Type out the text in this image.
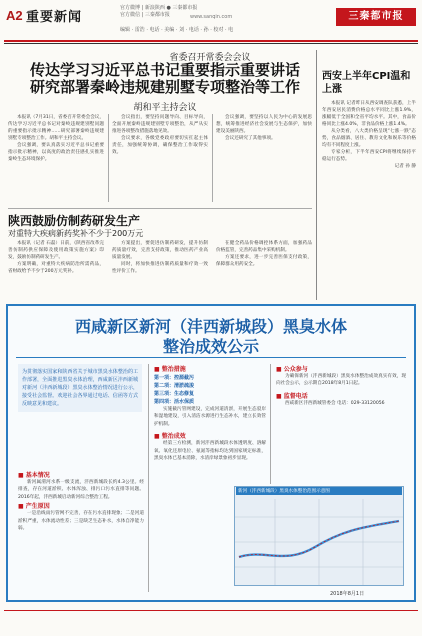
A2 重要新闻
官方微博 | 新浪陕西 ● 三秦都市报
官方微信 | 三秦都市报	www.sanqin.com	三秦都市报
编辑 · 雷浩 · 电话 · 美编 · 刘 · 电话 · 孙 · 校对 · 电
省委召开常委会会议
传达学习习近平总书记重要指示重要讲话
研究部署秦岭违规建别墅专项整治等工作
胡和平主持会议

本报讯（7月31日，省委召开常委会会议，传达学习习近平总书记对秦岭违规建别墅问题的重要指示批示精神……研究部署秦岭违规建别墅专项整治工作。胡和平主持会议。

会议强调，要认真落实习近平总书记重要指示批示精神，以高度的政治责任感扎实推进秦岭生态环境保护。

会议指出，要坚持问题导向、目标导向，全面开展秦岭违规建别墅专项整治，从严从实推进各项整改措施落地见效。

会议要求，各级党委政府要切实扛起主体责任，加强统筹协调，确保整治工作取得实效。

会议强调，要坚持以人民为中心的发展思想，统筹推进经济社会发展与生态保护，加快建设美丽陕西。

会议还研究了其他事项。

西安上半年CPI温和上涨

本报讯 记者昨日从西安调查队获悉，上半年西安居民消费价格总水平同比上涨1.9%，涨幅低于全国和全省平均水平。其中，食品价格同比上涨4.0%，非食品价格上涨1.4%。

从分类看，八大类价格呈现“七涨一跌”态势，食品烟酒、居住、教育文化和娱乐等价格均有不同程度上涨。

专家分析，下半年西安CPI将继续保持平稳运行态势。

记者 孙 静

陕西鼓励仿制药研发生产
对重特大疾病新药奖补不少于200万元

本报讯（记者 石磊）日前，《陕西省改革完善仿制药供应保障及使用政策实施方案》印发，鼓励仿制药研发生产。

方案明确，对重特大疾病防治所需药品，省财政给予不少于200万元奖补。

方案提出，要促进仿制药研发，提升仿制药质量疗效，完善支持政策，推动医药产业高质量发展。

同时，将加快推进仿制药质量和疗效一致性评价工作。

在健全药品价格调控体系方面，加强药品价格监管，完善药品集中采购机制。

方案还要求，进一步完善医保支付政策，保障群众用药安全。

西咸新区新河（沣西新城段）黑臭水体
整治成效公示
为贯彻落实国家和陕西省关于城市黑臭水体整治的工作部署，全面推进黑臭水体治理，西咸新区沣西新城对新河（沣西新城段）黑臭水体整治情况进行公示，接受社会监督。欢迎社会各界通过电话、信函等方式反映意见和建议。
■ 基本情况

新河属渭河水系一级支流，沣西新城段长约4.3公里。经排查，存在河道淤积、水体浑浊、排污口污水直排等问题。2016年起，沣西新城启动新河综合整治工程。

■ 产生原因

一是沿线雨污管网不完善，存在污水直排现象；二是河道淤积严重，水体流动性差；三是缺乏生态补水，水体自净能力弱。

■ 整治措施
第一项：控源截污
第二项：清淤疏浚
第三项：生态修复
第四项：活水保质

实施截污管网建设，完成河道清淤，开展生态驳岸和湿地建设，引入清洁水源进行生态补水，建立长效管护机制。

■ 整治成效

经第三方检测，新河沣西新城段水体透明度、溶解氧、氧化还原电位、氨氮等指标均达到国家规定标准，黑臭水体已基本消除，水清岸绿景象初步显现。

■ 公众参与

为确保新河（沣西新城段）黑臭水体整治成效真实有效，现向社会公示，公示期自2018年8月1日起。

■ 监督电话

西咸新区沣西新城管委会 电话：029-33120056

新河（沣西新城段）黑臭水体整治范围示意图
2018年8月1日
